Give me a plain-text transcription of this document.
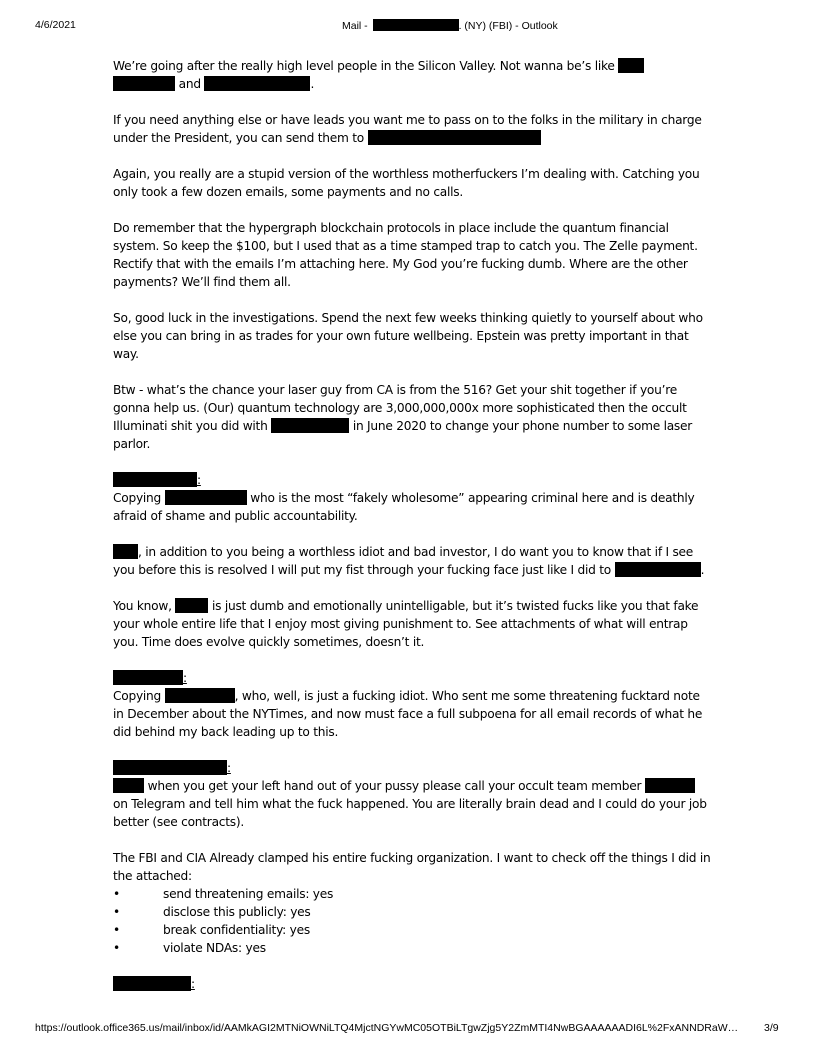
4/6/2021	Mail -	. (NY) (FBI) - Outlook

We’re going after the really high level people in the Silicon Valley. Not wanna be’s like
and	.

If you need anything else or have leads you want me to pass on to the folks in the military in charge under the President, you can send them to

Again, you really are a stupid version of the worthless motherfuckers I’m dealing with. Catching you only took a few dozen emails, some payments and no calls.

Do remember that the hypergraph blockchain protocols in place include the quantum financial system. So keep the $100, but I used that as a time stamped trap to catch you. The Zelle payment. Rectify that with the emails I’m attaching here. My God you’re fucking dumb. Where are the other payments? We’ll find them all.

So, good luck in the investigations. Spend the next few weeks thinking quietly to yourself about who else you can bring in as trades for your own future wellbeing. Epstein was pretty important in that way.

Btw - what’s the chance your laser guy from CA is from the 516? Get your shit together if you’re gonna help us. (Our) quantum technology are 3,000,000,000x more sophisticated then the occult Illuminati shit you did with	in June 2020 to change your phone number to some laser parlor.

:

Copying	who is the most “fakely wholesome” appearing criminal here and is deathly afraid of shame and public accountability.

, in addition to you being a worthless idiot and bad investor, I do want you to know that if I see you before this is resolved I will put my fist through your fucking face just like I did to	.

You know,	is just dumb and emotionally unintelligable, but it’s twisted fucks like you that fake your whole entire life that I enjoy most giving punishment to. See attachments of what will entrap you. Time does evolve quickly sometimes, doesn’t it.

:

Copying	, who, well, is just a fucking idiot. Who sent me some threatening fucktard note in December about the NYTimes, and now must face a full subpoena for all email records of what he did behind my back leading up to this.

:

when you get your left hand out of your pussy please call your occult team member  on Telegram and tell him what the fuck happened. You are literally brain dead and I could do your job better (see contracts).

The FBI and CIA Already clamped his entire fucking organization. I want to check off the things I did in the attached:
•	send threatening emails: yes
•	disclose this publicly: yes
•	break confidentiality: yes
•	violate NDAs: yes
:
https://outlook.office365.us/mail/inbox/id/AAMkAGI2MTNiOWNiLTQ4MjctNGYwMC05OTBiLTgwZjg5Y2ZmMTI4NwBGAAAAAADI6L%2FxANNDRaW… 3/9
